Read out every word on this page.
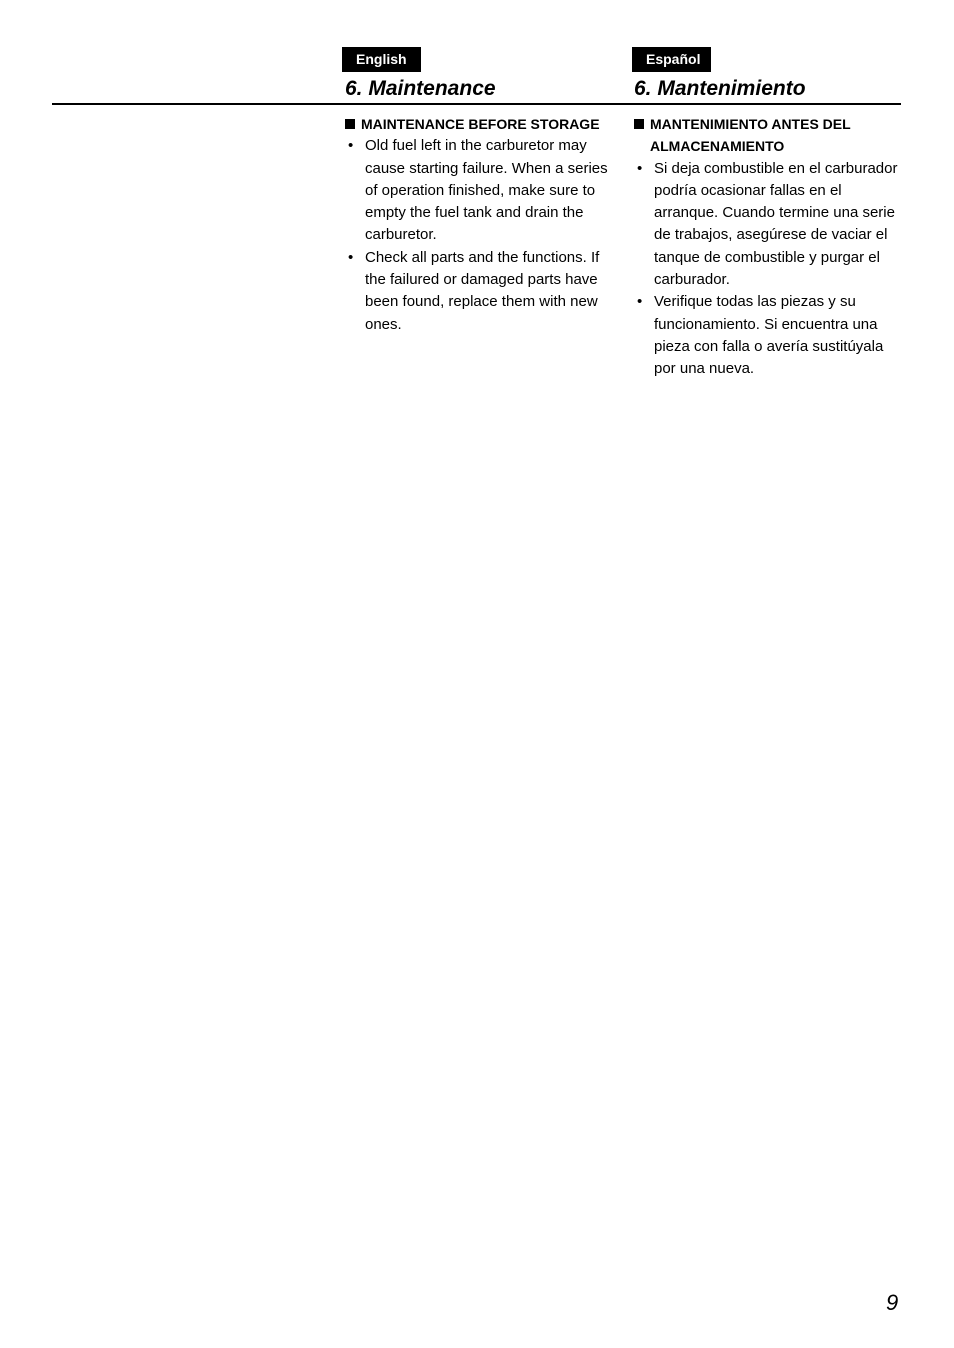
English	Español
6. Maintenance	6. Mantenimiento
MAINTENANCE BEFORE STORAGE
• Old fuel left in the carburetor may cause starting failure. When a series of operation finished, make sure to empty the fuel tank and drain the carburetor.
• Check all parts and the functions. If the failured or damaged parts have been found, replace them with new ones.
MANTENIMIENTO ANTES DEL ALMACENAMIENTO
• Si deja combustible en el carburador podría ocasionar fallas en el arranque. Cuando termine una serie de trabajos, asegúrese de vaciar el tanque de combustible y purgar el carburador.
• Verifique todas las piezas y su funcionamiento. Si encuentra una pieza con falla o avería sustitúyala por una nueva.
9
